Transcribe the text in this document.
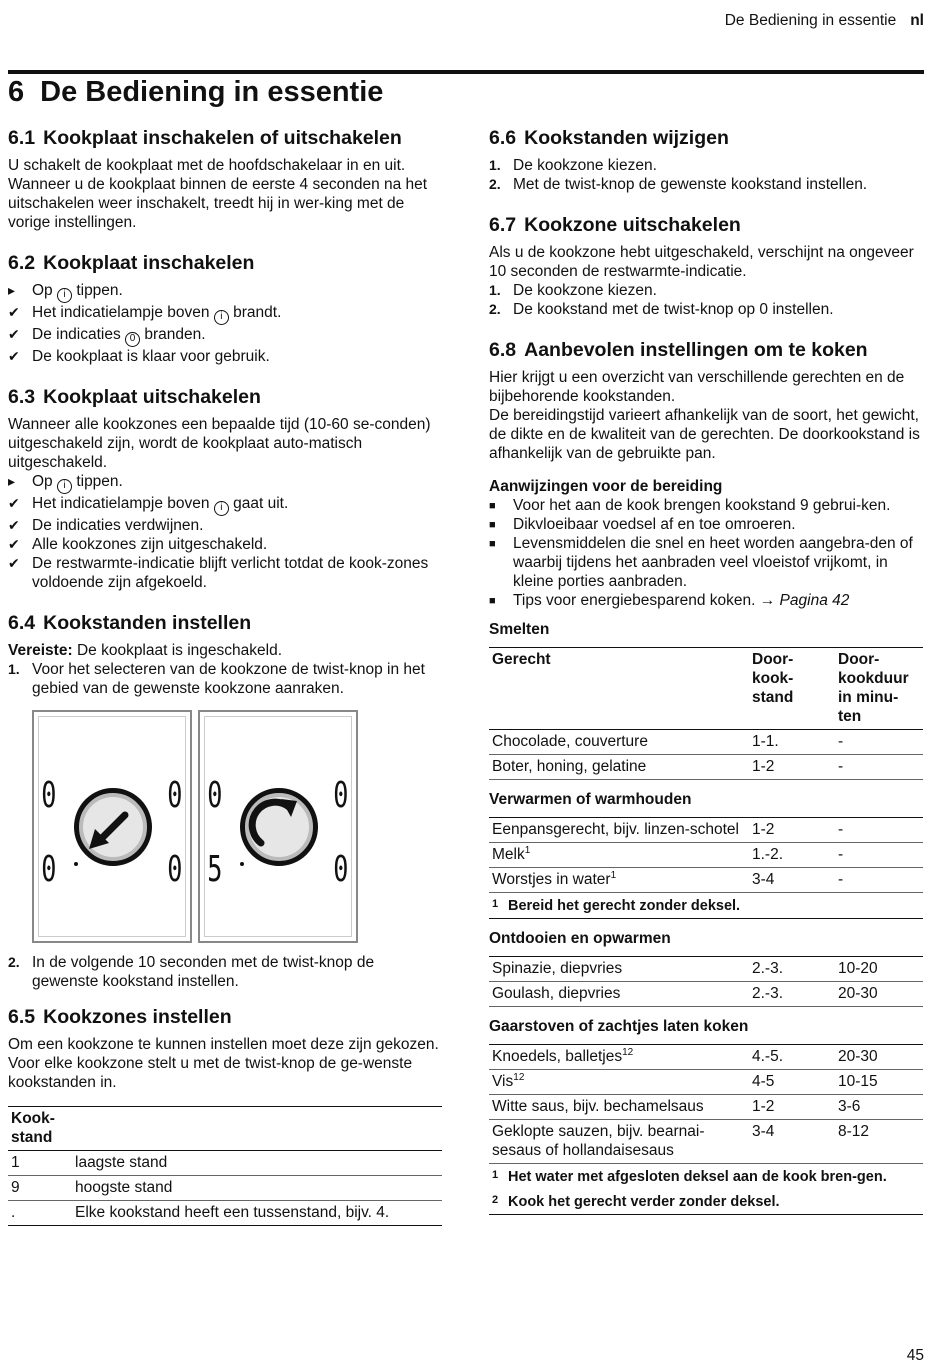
De Bediening in essentie nl
6 De Bediening in essentie
6.1 Kookplaat inschakelen of uitschakelen

U schakelt de kookplaat met de hoofdschakelaar in en uit.

Wanneer u de kookplaat binnen de eerste 4 seconden na het uitschakelen weer inschakelt, treedt hij in wer-king met de vorige instellingen.

6.2 Kookplaat inschakelen
▸	Op i tippen.
✔ Het indicatielampje boven i brandt.
✔ De indicaties 0 branden.
✔ De kookplaat is klaar voor gebruik.
6.3 Kookplaat uitschakelen

Wanneer alle kookzones een bepaalde tijd (10-60 se-conden) uitgeschakeld zijn, wordt de kookplaat auto-matisch uitgeschakeld.

▸	Op i tippen.
✔ Het indicatielampje boven i gaat uit.
✔ De indicaties verdwijnen.
✔ Alle kookzones zijn uitgeschakeld.
✔ De restwarmte-indicatie blijft verlicht totdat de kook-zones voldoende zijn afgekoeld.
6.4 Kookstanden instellen

Vereiste: De kookplaat is ingeschakeld.

1. Voor het selecteren van de kookzone de twist-knop in het gebied van de gewenste kookzone aanraken.
0	0
0	0
0	0
5	0
2. In de volgende 10 seconden met de twist-knop de gewenste kookstand instellen.
6.5 Kookzones instellen

Om een kookzone te kunnen instellen moet deze zijn gekozen.

Voor elke kookzone stelt u met de twist-knop de ge-wenste kookstanden in.

Kook-stand	
1	laagste stand
9	hoogste stand
.	Elke kookstand heeft een tussenstand, bijv. 4.
6.6 Kookstanden wijzigen
1. De kookzone kiezen.
2. Met de twist-knop de gewenste kookstand instellen.
6.7 Kookzone uitschakelen

Als u de kookzone hebt uitgeschakeld, verschijnt na ongeveer 10 seconden de restwarmte-indicatie.

1. De kookzone kiezen.
2. De kookstand met de twist-knop op 0 instellen.
6.8 Aanbevolen instellingen om te koken

Hier krijgt u een overzicht van verschillende gerechten en de bijbehorende kookstanden.

De bereidingstijd varieert afhankelijk van de soort, het gewicht, de dikte en de kwaliteit van de gerechten. De doorkookstand is afhankelijk van de gebruikte pan.

Aanwijzingen voor de bereiding

■	Voor het aan de kook brengen kookstand 9 gebrui-ken.
■	Dikvloeibaar voedsel af en toe omroeren.
■	Levensmiddelen die snel en heet worden aangebra-den of waarbij tijdens het aanbraden veel vloeistof vrijkomt, in kleine porties aanbraden.
■	Tips voor energiebesparend koken. → Pagina 42

Smelten

Gerecht	Door-kook-stand	Door-kookduur in minu-ten
Chocolade, couverture	1-1.	-
Boter, honing, gelatine	1-2	-

Verwarmen of warmhouden

Eenpansgerecht, bijv. linzen-schotel	1-2	-
Melk$^1$	1.-2.	-
Worstjes in water$^1$	3-4	-
1 Bereid het gerecht zonder deksel.		

Ontdooien en opwarmen

Spinazie, diepvries	2.-3.	10-20
Goulash, diepvries	2.-3.	20-30

Gaarstoven of zachtjes laten koken

Knoedels, balletjes$^{12}$	4.-5.	20-30
Vis$^{12}$	4-5	10-15
Witte saus, bijv. bechamelsaus	1-2	3-6
Geklopte sauzen, bijv. bearnai-sesaus of hollandaisesaus	3-4	8-12
1 Het water met afgesloten deksel aan de kook bren-gen.		
2 Kook het gerecht verder zonder deksel.		

45
